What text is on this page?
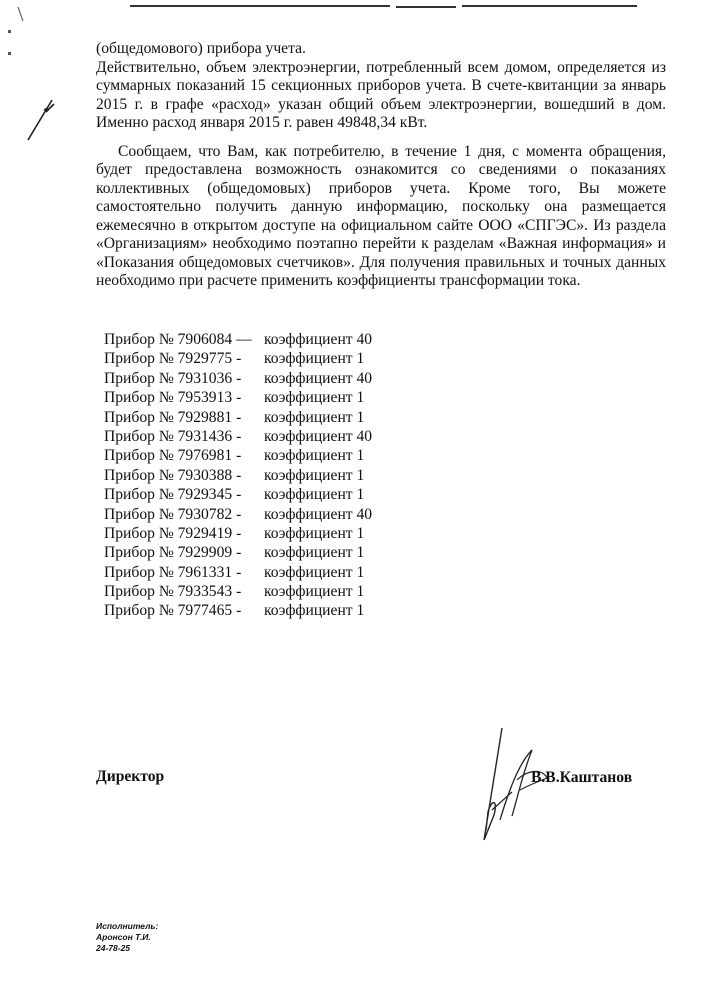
(общедомового) прибора учета.

Действительно, объем электроэнергии, потребленный всем домом, определяется из суммарных показаний 15 секционных приборов учета. В счете-квитанции за январь 2015 г. в графе «расход» указан общий объем электроэнергии, вошедший в дом. Именно расход января 2015 г. равен 49848,34 кВт.

Сообщаем, что Вам, как потребителю, в течение 1 дня, с момента обращения, будет предоставлена возможность ознакомится со сведениями о показаниях коллективных (общедомовых) приборов учета. Кроме того, Вы можете самостоятельно получить данную информацию, поскольку она размещается ежемесячно в открытом доступе на официальном сайте ООО «СПГЭС». Из раздела «Организациям» необходимо поэтапно перейти к разделам «Важная информация» и «Показания общедомовых счетчиков». Для получения правильных и точных данных необходимо при расчете применить коэффициенты трансформации тока.

Прибор № 7906084 — коэффициент 40
Прибор № 7929775 - коэффициент 1
Прибор № 7931036 - коэффициент 40
Прибор № 7953913 - коэффициент 1
Прибор № 7929881 - коэффициент 1
Прибор № 7931436 - коэффициент 40
Прибор № 7976981 - коэффициент 1
Прибор № 7930388 - коэффициент 1
Прибор № 7929345 - коэффициент 1
Прибор № 7930782 - коэффициент 40
Прибор № 7929419 - коэффициент 1
Прибор № 7929909 - коэффициент 1
Прибор № 7961331 - коэффициент 1
Прибор № 7933543 - коэффициент 1
Прибор № 7977465 - коэффициент 1
Директор	В.В.Каштанов
Исполнитель:
Аронсон Т.И.
24-78-25
